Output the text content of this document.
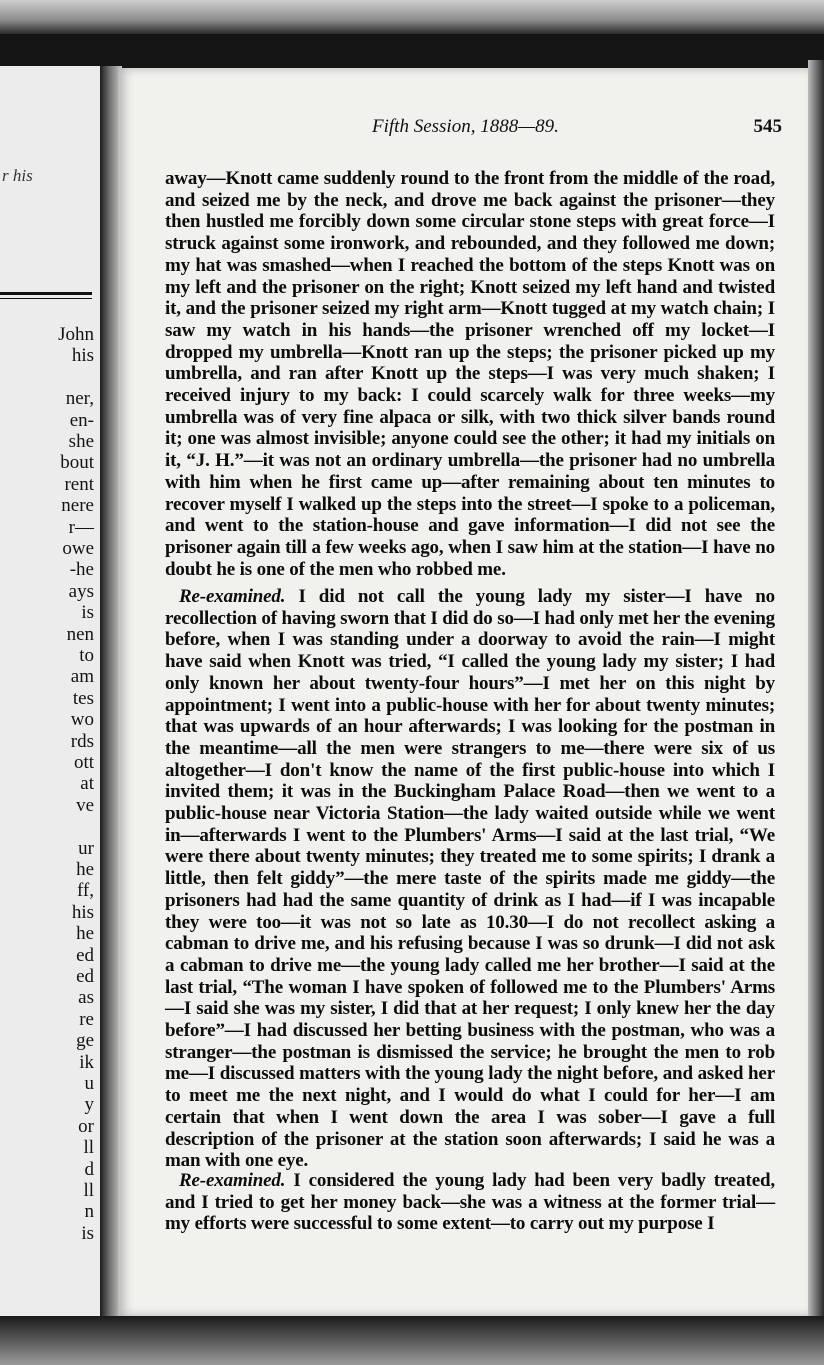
r his
John
his
ner,
en-
she
bout
rent
nere
r—
owe
-he
ays
is
nen
to
am
tes
wo
rds
ott
at
ve
ur
he
ff,
his
he
ed
ed
as
re
ge
ik
u
y
or
ll
d
ll
n
is
Fifth Session, 1888—89.	545
away—Knott came suddenly round to the front from the middle of the road, and seized me by the neck, and drove me back against the prisoner—they then hustled me forcibly down some circular stone steps with great force—I struck against some ironwork, and rebounded, and they followed me down; my hat was smashed—when I reached the bottom of the steps Knott was on my left and the prisoner on the right; Knott seized my left hand and twisted it, and the prisoner seized my right arm—Knott tugged at my watch chain; I saw my watch in his hands—the prisoner wrenched off my locket—I dropped my umbrella—Knott ran up the steps; the prisoner picked up my umbrella, and ran after Knott up the steps—I was very much shaken; I received injury to my back: I could scarcely walk for three weeks—my umbrella was of very fine alpaca or silk, with two thick silver bands round it; one was almost invisible; anyone could see the other; it had my initials on it, “J. H.”—it was not an ordinary umbrella—the prisoner had no umbrella with him when he first came up—after remaining about ten minutes to recover myself I walked up the steps into the street—I spoke to a policeman, and went to the station-house and gave information—I did not see the prisoner again till a few weeks ago, when I saw him at the station—I have no doubt he is one of the men who robbed me.
Re-examined. I did not call the young lady my sister—I have no recollection of having sworn that I did do so—I had only met her the evening before, when I was standing under a doorway to avoid the rain—I might have said when Knott was tried, “I called the young lady my sister; I had only known her about twenty-four hours”—I met her on this night by appointment; I went into a public-house with her for about twenty minutes; that was upwards of an hour afterwards; I was looking for the postman in the meantime—all the men were strangers to me—there were six of us altogether—I don't know the name of the first public-house into which I invited them; it was in the Buckingham Palace Road—then we went to a public-house near Victoria Station—the lady waited outside while we went in—afterwards I went to the Plumbers' Arms—I said at the last trial, “We were there about twenty minutes; they treated me to some spirits; I drank a little, then felt giddy”—the mere taste of the spirits made me giddy—the prisoners had had the same quantity of drink as I had—if I was incapable they were too—it was not so late as 10.30—I do not recollect asking a cabman to drive me, and his refusing because I was so drunk—I did not ask a cabman to drive me—the young lady called me her brother—I said at the last trial, “The woman I have spoken of followed me to the Plumbers' Arms—I said she was my sister, I did that at her request; I only knew her the day before”—I had discussed her betting business with the postman, who was a stranger—the postman is dismissed the service; he brought the men to rob me—I discussed matters with the young lady the night before, and asked her to meet me the next night, and I would do what I could for her—I am certain that when I went down the area I was sober—I gave a full description of the prisoner at the station soon afterwards; I said he was a man with one eye.
Re-examined. I considered the young lady had been very badly treated, and I tried to get her money back—she was a witness at the former trial—my efforts were successful to some extent—to carry out my purpose I
